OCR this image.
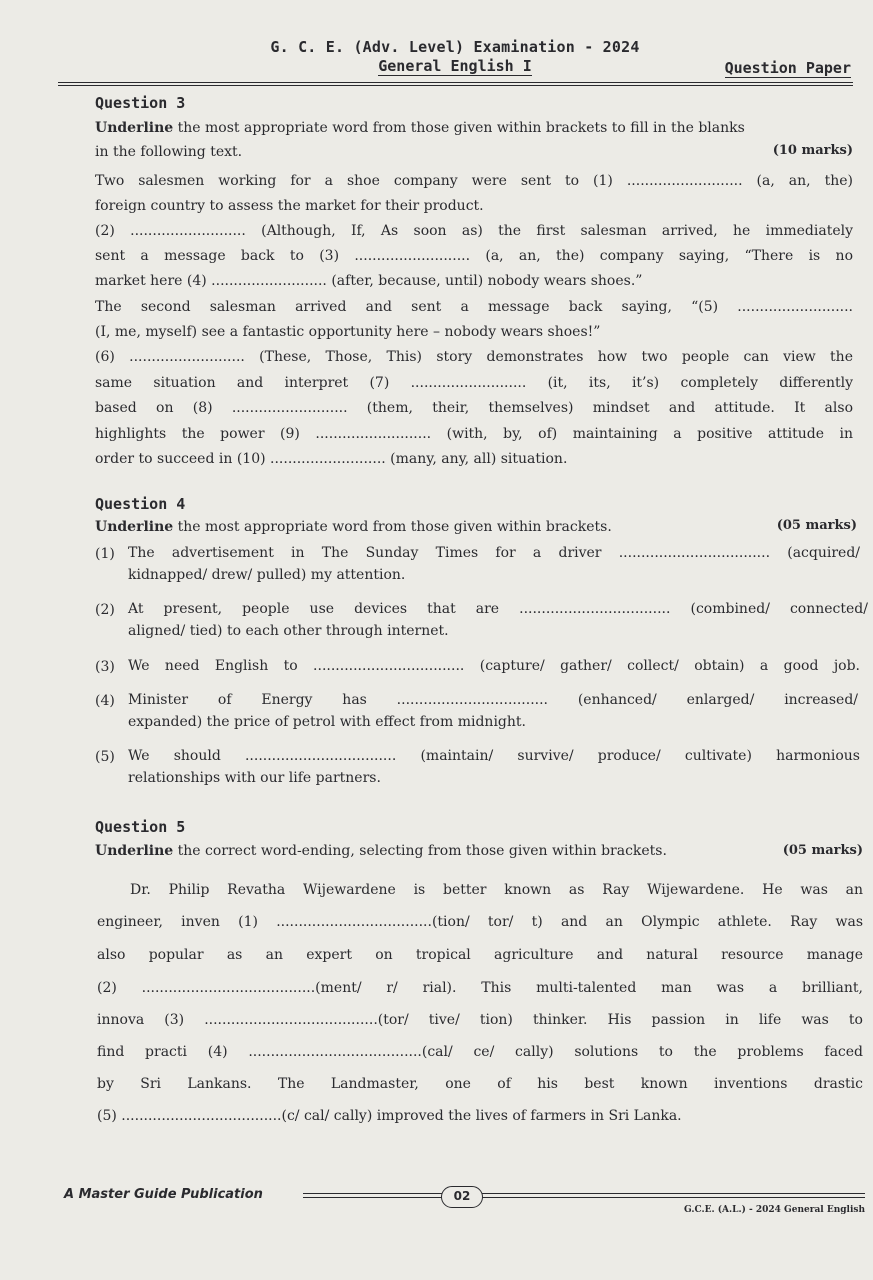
G. C. E. (Adv. Level) Examination - 2024
General English I	Question Paper
Question 3
Underline the most appropriate word from those given within brackets to fill in the blanks
in the following text.	(10 marks)
Two salesmen working for a shoe company were sent to (1) .......................... (a, an, the)
foreign country to assess the market for their product.
(2) .......................... (Although, If, As soon as) the first salesman arrived, he immediately
sent a message back to (3) .......................... (a, an, the) company saying, “There is no
market here (4) .......................... (after, because, until) nobody wears shoes.”
The second salesman arrived and sent a message back saying, “(5) ..........................
(I, me, myself) see a fantastic opportunity here – nobody wears shoes!”
(6) .......................... (These, Those, This) story demonstrates how two people can view the
same situation and interpret (7) .......................... (it, its, it’s) completely differently
based on (8) .......................... (them, their, themselves) mindset and attitude. It also
highlights the power (9) .......................... (with, by, of) maintaining a positive attitude in
order to succeed in (10) .......................... (many, any, all) situation.
Question 4
Underline the most appropriate word from those given within brackets.	(05 marks)
(1) The advertisement in The Sunday Times for a driver .................................. (acquired/
kidnapped/ drew/ pulled) my attention.
(2) At present, people use devices that are .................................. (combined/ connected/
aligned/ tied) to each other through internet.
(3) We need English to .................................. (capture/ gather/ collect/ obtain) a good job.
(4) Minister of Energy has .................................. (enhanced/ enlarged/ increased/
expanded) the price of petrol with effect from midnight.
(5) We should .................................. (maintain/ survive/ produce/ cultivate) harmonious
relationships with our life partners.
Question 5
Underline the correct word-ending, selecting from those given within brackets.	(05 marks)
Dr. Philip Revatha Wijewardene is better known as Ray Wijewardene. He was an
engineer, inven (1) ...................................(tion/ tor/ t) and an Olympic athlete. Ray was
also popular as an expert on tropical agriculture and natural resource manage
(2) .......................................(ment/ r/ rial). This multi-talented man was a brilliant,
innova (3) .......................................(tor/ tive/ tion) thinker. His passion in life was to
find practi (4) .......................................(cal/ ce/ cally) solutions to the problems faced
by Sri Lankans. The Landmaster, one of his best known inventions drastic
(5) ....................................(c/ cal/ cally) improved the lives of farmers in Sri Lanka.
A Master Guide Publication	02
G.C.E. (A.L.) - 2024 General English
